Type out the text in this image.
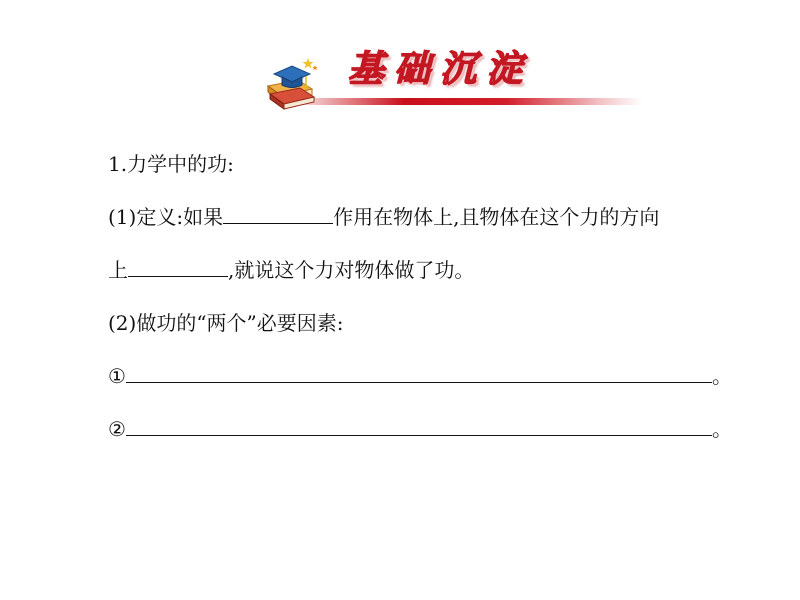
基础沉淀
1.力学中的功:
(1)定义:如果	作用在物体上,且物体在这个力的方向
上	,就说这个力对物体做了功。
(2)做功的“两个”必要因素:
①	。
②	。
